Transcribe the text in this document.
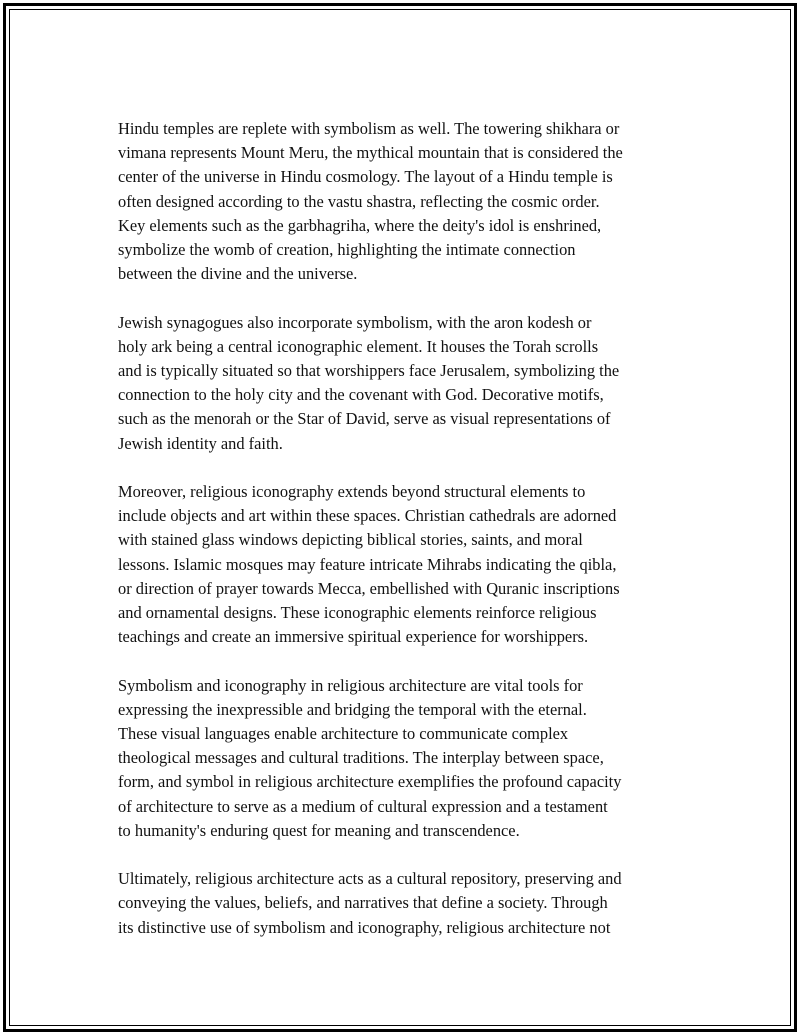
Hindu temples are replete with symbolism as well. The towering shikhara or
vimana represents Mount Meru, the mythical mountain that is considered the
center of the universe in Hindu cosmology. The layout of a Hindu temple is
often designed according to the vastu shastra, reflecting the cosmic order.
Key elements such as the garbhagriha, where the deity's idol is enshrined,
symbolize the womb of creation, highlighting the intimate connection
between the divine and the universe.

Jewish synagogues also incorporate symbolism, with the aron kodesh or
holy ark being a central iconographic element. It houses the Torah scrolls
and is typically situated so that worshippers face Jerusalem, symbolizing the
connection to the holy city and the covenant with God. Decorative motifs,
such as the menorah or the Star of David, serve as visual representations of
Jewish identity and faith.

Moreover, religious iconography extends beyond structural elements to
include objects and art within these spaces. Christian cathedrals are adorned
with stained glass windows depicting biblical stories, saints, and moral
lessons. Islamic mosques may feature intricate Mihrabs indicating the qibla,
or direction of prayer towards Mecca, embellished with Quranic inscriptions
and ornamental designs. These iconographic elements reinforce religious
teachings and create an immersive spiritual experience for worshippers.

Symbolism and iconography in religious architecture are vital tools for
expressing the inexpressible and bridging the temporal with the eternal.
These visual languages enable architecture to communicate complex
theological messages and cultural traditions. The interplay between space,
form, and symbol in religious architecture exemplifies the profound capacity
of architecture to serve as a medium of cultural expression and a testament
to humanity's enduring quest for meaning and transcendence.

Ultimately, religious architecture acts as a cultural repository, preserving and
conveying the values, beliefs, and narratives that define a society. Through
its distinctive use of symbolism and iconography, religious architecture not
